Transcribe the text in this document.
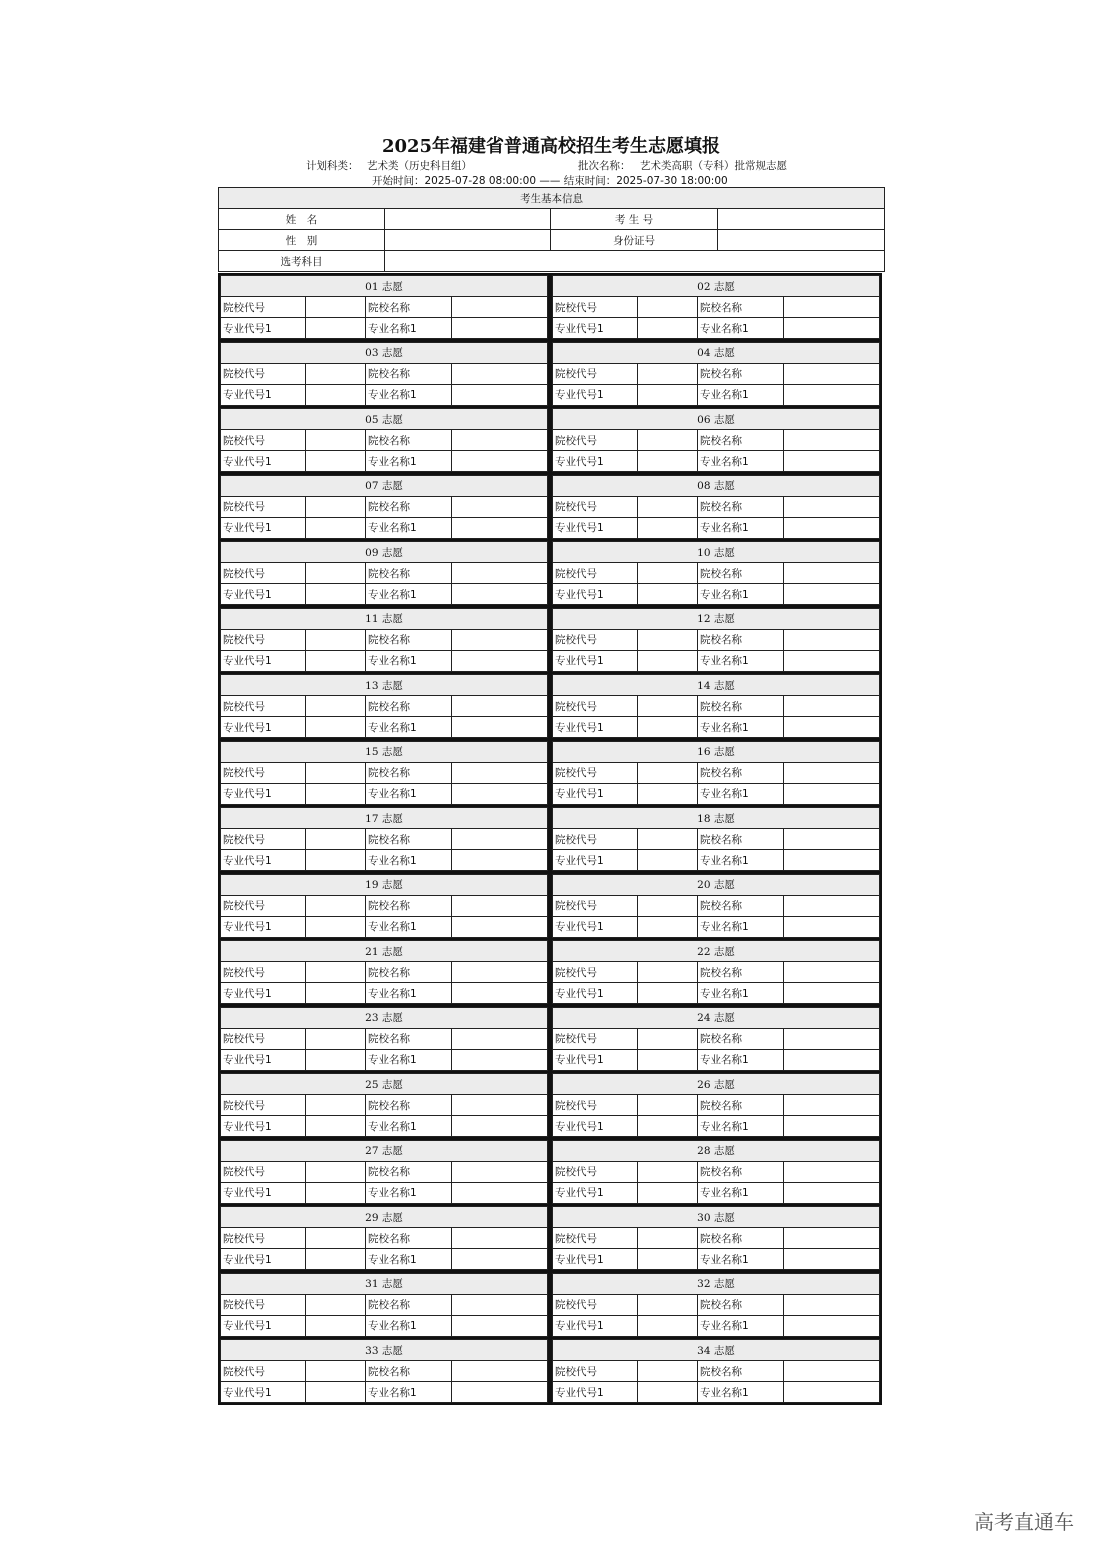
2025年福建省普通高校招生考生志愿填报
计划科类： 艺术类（历史科目组）	批次名称： 艺术类高职（专科）批常规志愿
开始时间：2025-07-28 08:00:00 —— 结束时间：2025-07-30 18:00:00
考生基本信息			
姓　名		考 生 号	
性　别		身份证号	
选考科目			
01 志愿			
院校代号		院校名称	
专业代号1		专业名称1	
02 志愿			
院校代号		院校名称	
专业代号1		专业名称1	
03 志愿			
院校代号		院校名称	
专业代号1		专业名称1	
04 志愿			
院校代号		院校名称	
专业代号1		专业名称1	
05 志愿			
院校代号		院校名称	
专业代号1		专业名称1	
06 志愿			
院校代号		院校名称	
专业代号1		专业名称1	
07 志愿			
院校代号		院校名称	
专业代号1		专业名称1	
08 志愿			
院校代号		院校名称	
专业代号1		专业名称1	
09 志愿			
院校代号		院校名称	
专业代号1		专业名称1	
10 志愿			
院校代号		院校名称	
专业代号1		专业名称1	
11 志愿			
院校代号		院校名称	
专业代号1		专业名称1	
12 志愿			
院校代号		院校名称	
专业代号1		专业名称1	
13 志愿			
院校代号		院校名称	
专业代号1		专业名称1	
14 志愿			
院校代号		院校名称	
专业代号1		专业名称1	
15 志愿			
院校代号		院校名称	
专业代号1		专业名称1	
16 志愿			
院校代号		院校名称	
专业代号1		专业名称1	
17 志愿			
院校代号		院校名称	
专业代号1		专业名称1	
18 志愿			
院校代号		院校名称	
专业代号1		专业名称1	
19 志愿			
院校代号		院校名称	
专业代号1		专业名称1	
20 志愿			
院校代号		院校名称	
专业代号1		专业名称1	
21 志愿			
院校代号		院校名称	
专业代号1		专业名称1	
22 志愿			
院校代号		院校名称	
专业代号1		专业名称1	
23 志愿			
院校代号		院校名称	
专业代号1		专业名称1	
24 志愿			
院校代号		院校名称	
专业代号1		专业名称1	
25 志愿			
院校代号		院校名称	
专业代号1		专业名称1	
26 志愿			
院校代号		院校名称	
专业代号1		专业名称1	
27 志愿			
院校代号		院校名称	
专业代号1		专业名称1	
28 志愿			
院校代号		院校名称	
专业代号1		专业名称1	
29 志愿			
院校代号		院校名称	
专业代号1		专业名称1	
30 志愿			
院校代号		院校名称	
专业代号1		专业名称1	
31 志愿			
院校代号		院校名称	
专业代号1		专业名称1	
32 志愿			
院校代号		院校名称	
专业代号1		专业名称1	
33 志愿			
院校代号		院校名称	
专业代号1		专业名称1	
34 志愿			
院校代号		院校名称	
专业代号1		专业名称1	
高考直通车
